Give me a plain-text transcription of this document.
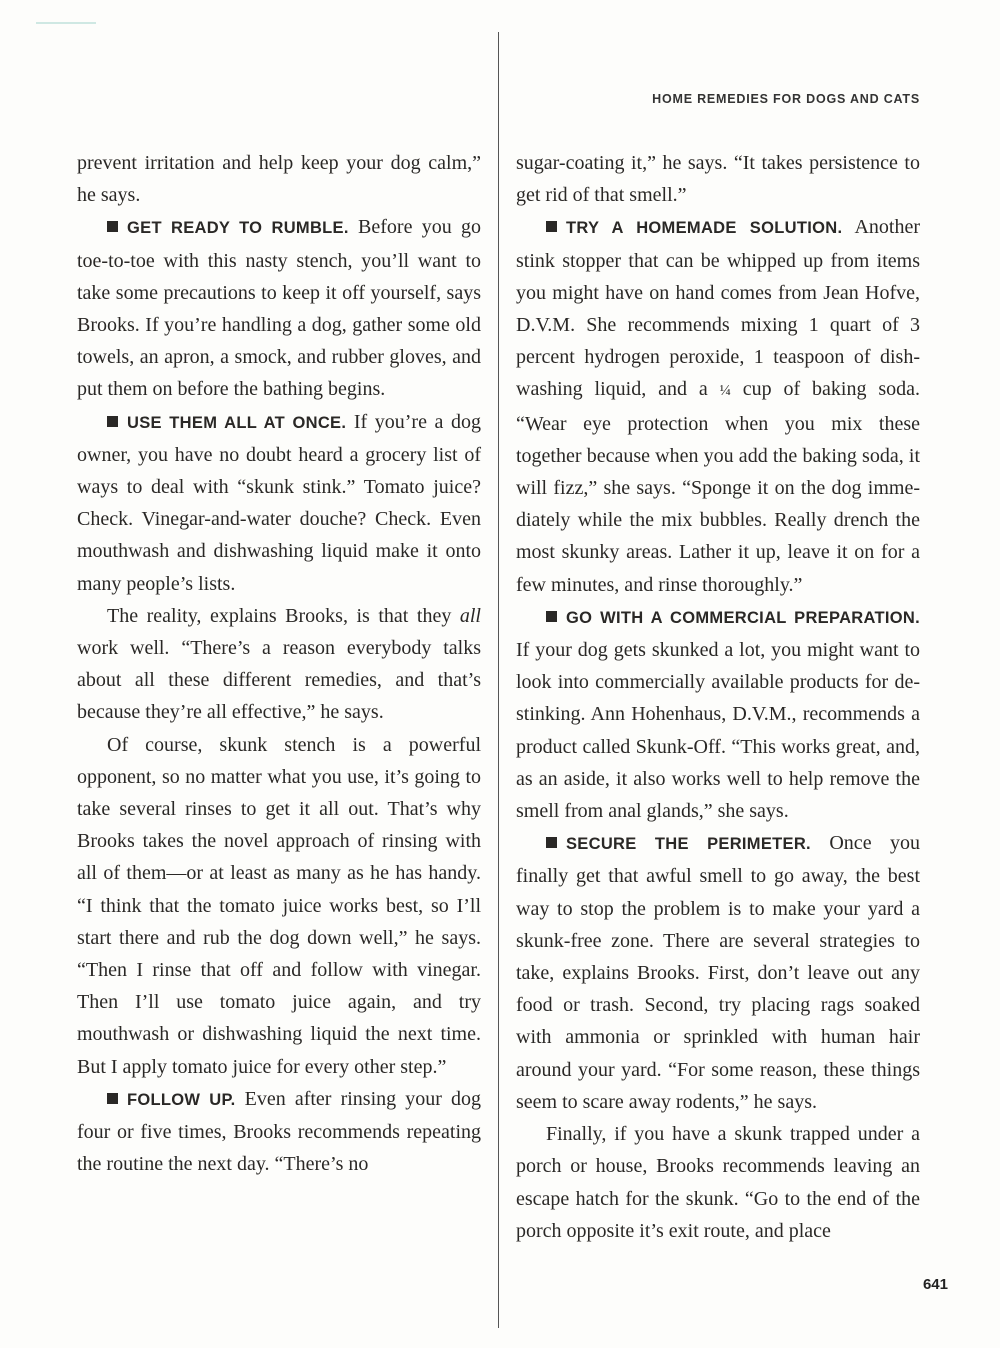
HOME REMEDIES FOR DOGS AND CATS

prevent irritation and help keep your dog calm,” he says.

GET READY TO RUMBLE. Before you go toe-to-toe with this nasty stench, you’ll want to take some precautions to keep it off yourself, says Brooks. If you’re handling a dog, gather some old towels, an apron, a smock, and rubber gloves, and put them on before the bathing begins.

USE THEM ALL AT ONCE. If you’re a dog owner, you have no doubt heard a grocery list of ways to deal with “skunk stink.” Tomato juice? Check. Vinegar-and-water douche? Check. Even mouthwash and dishwashing liquid make it onto many people’s lists.

The reality, explains Brooks, is that they all work well. “There’s a reason everybody talks about all these different remedies, and that’s because they’re all effective,” he says.

Of course, skunk stench is a powerful opponent, so no matter what you use, it’s going to take several rinses to get it all out. That’s why Brooks takes the novel approach of rinsing with all of them—or at least as many as he has handy. “I think that the tomato juice works best, so I’ll start there and rub the dog down well,” he says. “Then I rinse that off and follow with vinegar. Then I’ll use tomato juice again, and try mouthwash or dishwashing liquid the next time. But I apply tomato juice for every other step.”

FOLLOW UP. Even after rinsing your dog four or five times, Brooks recommends repeating the routine the next day. “There’s no

sugar-coating it,” he says. “It takes persistence to get rid of that smell.”

TRY A HOMEMADE SOLUTION. Another stink stopper that can be whipped up from items you might have on hand comes from Jean Hofve, D.V.M. She recommends mixing 1 quart of 3 percent hydrogen peroxide, 1 teaspoon of dishwashing liquid, and a ¼ cup of baking soda. “Wear eye protection when you mix these together because when you add the baking soda, it will fizz,” she says. “Sponge it on the dog immediately while the mix bubbles. Really drench the most skunky areas. Lather it up, leave it on for a few minutes, and rinse thoroughly.”

GO WITH A COMMERCIAL PREPARATION. If your dog gets skunked a lot, you might want to look into commercially available products for de-stinking. Ann Hohenhaus, D.V.M., recommends a product called Skunk-Off. “This works great, and, as an aside, it also works well to help remove the smell from anal glands,” she says.

SECURE THE PERIMETER. Once you finally get that awful smell to go away, the best way to stop the problem is to make your yard a skunk-free zone. There are several strategies to take, explains Brooks. First, don’t leave out any food or trash. Second, try placing rags soaked with ammonia or sprinkled with human hair around your yard. “For some reason, these things seem to scare away rodents,” he says.

Finally, if you have a skunk trapped under a porch or house, Brooks recommends leaving an escape hatch for the skunk. “Go to the end of the porch opposite it’s exit route, and place

641
